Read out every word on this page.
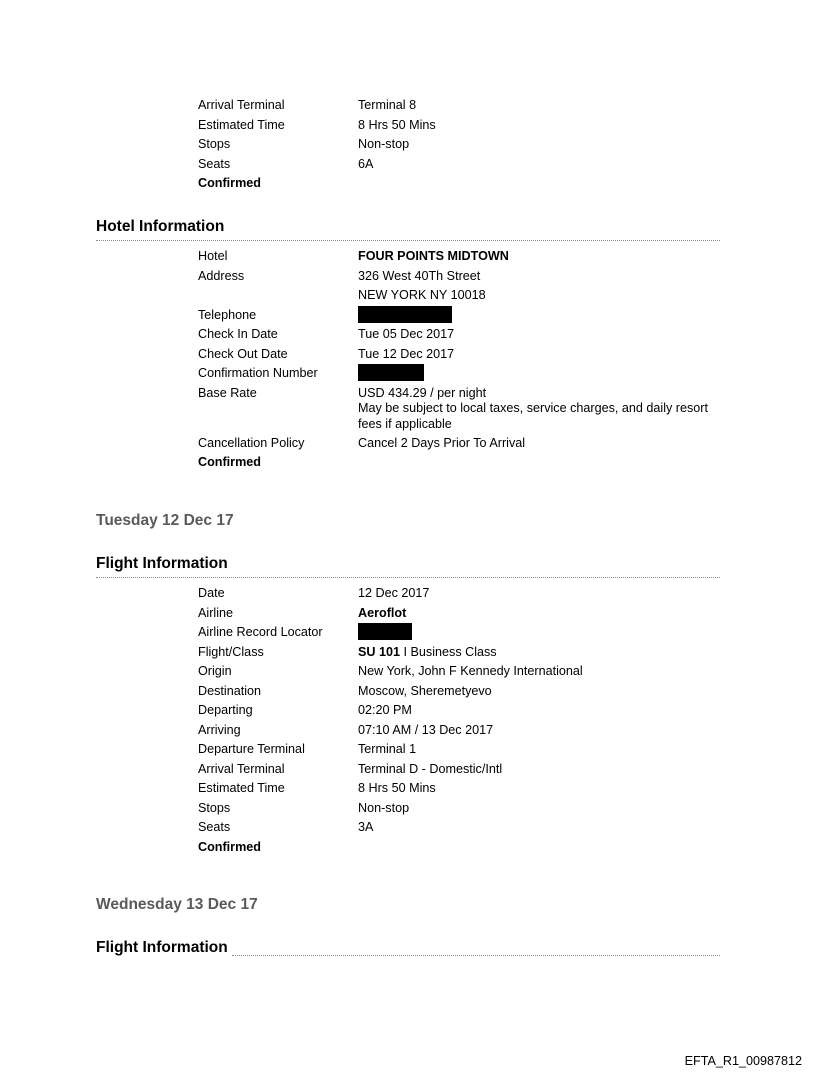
Arrival Terminal	Terminal 8
Estimated Time	8 Hrs 50 Mins
Stops	Non-stop
Seats	6A
Confirmed
Hotel Information
Hotel	FOUR POINTS MIDTOWN
Address	326 West 40Th Street
NEW YORK NY 10018
Telephone
Check In Date	Tue 05 Dec 2017
Check Out Date	Tue 12 Dec 2017
Confirmation Number
Base Rate	USD 434.29 / per night
May be subject to local taxes, service charges, and daily resort fees if applicable
Cancellation Policy	Cancel 2 Days Prior To Arrival
Confirmed
Tuesday 12 Dec 17
Flight Information
Date	12 Dec 2017
Airline	Aeroflot
Airline Record Locator
Flight/Class	SU 101 I Business Class
Origin	New York, John F Kennedy International
Destination	Moscow, Sheremetyevo
Departing	02:20 PM
Arriving	07:10 AM / 13 Dec 2017
Departure Terminal	Terminal 1
Arrival Terminal	Terminal D - Domestic/Intl
Estimated Time	8 Hrs 50 Mins
Stops	Non-stop
Seats	3A
Confirmed
Wednesday 13 Dec 17
Flight Information
EFTA_R1_00987812
